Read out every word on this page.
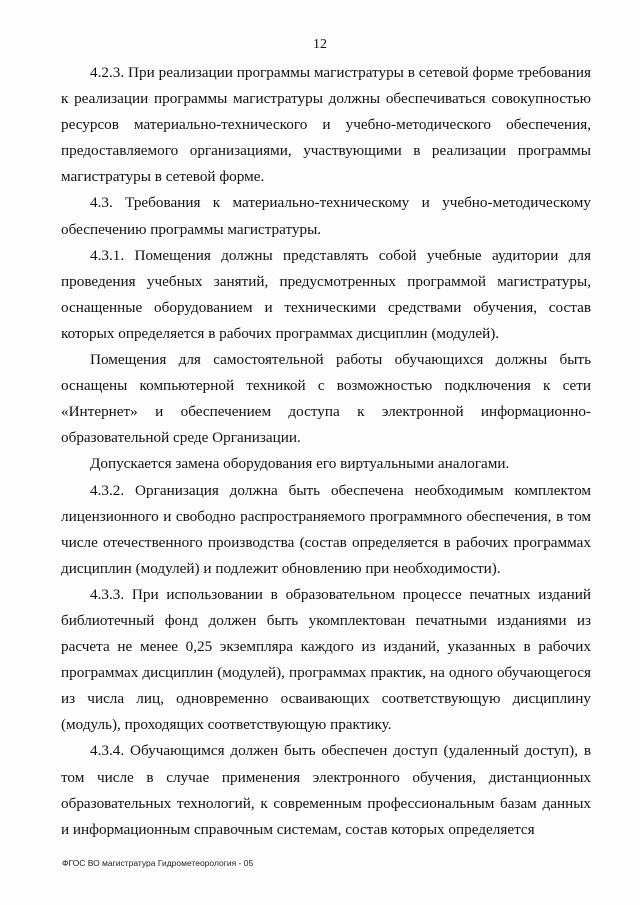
12

4.2.3. При реализации программы магистратуры в сетевой форме требования к реализации программы магистратуры должны обеспечиваться совокупностью ресурсов материально-технического и учебно-методического обеспечения, предоставляемого организациями, участвующими в реализации программы магистратуры в сетевой форме.

4.3. Требования к материально-техническому и учебно-методическому обеспечению программы магистратуры.

4.3.1. Помещения должны представлять собой учебные аудитории для проведения учебных занятий, предусмотренных программой магистратуры, оснащенные оборудованием и техническими средствами обучения, состав которых определяется в рабочих программах дисциплин (модулей).

Помещения для самостоятельной работы обучающихся должны быть оснащены компьютерной техникой с возможностью подключения к сети «Интернет» и обеспечением доступа к электронной информационно-образовательной среде Организации.

Допускается замена оборудования его виртуальными аналогами.

4.3.2. Организация должна быть обеспечена необходимым комплектом лицензионного и свободно распространяемого программного обеспечения, в том числе отечественного производства (состав определяется в рабочих программах дисциплин (модулей) и подлежит обновлению при необходимости).

4.3.3. При использовании в образовательном процессе печатных изданий библиотечный фонд должен быть укомплектован печатными изданиями из расчета не менее 0,25 экземпляра каждого из изданий, указанных в рабочих программах дисциплин (модулей), программах практик, на одного обучающегося из числа лиц, одновременно осваивающих соответствующую дисциплину (модуль), проходящих соответствующую практику.

4.3.4. Обучающимся должен быть обеспечен доступ (удаленный доступ), в том числе в случае применения электронного обучения, дистанционных образовательных технологий, к современным профессиональным базам данных и информационным справочным системам, состав которых определяется

ФГОС ВО магистратура Гидрометеорология - 05
